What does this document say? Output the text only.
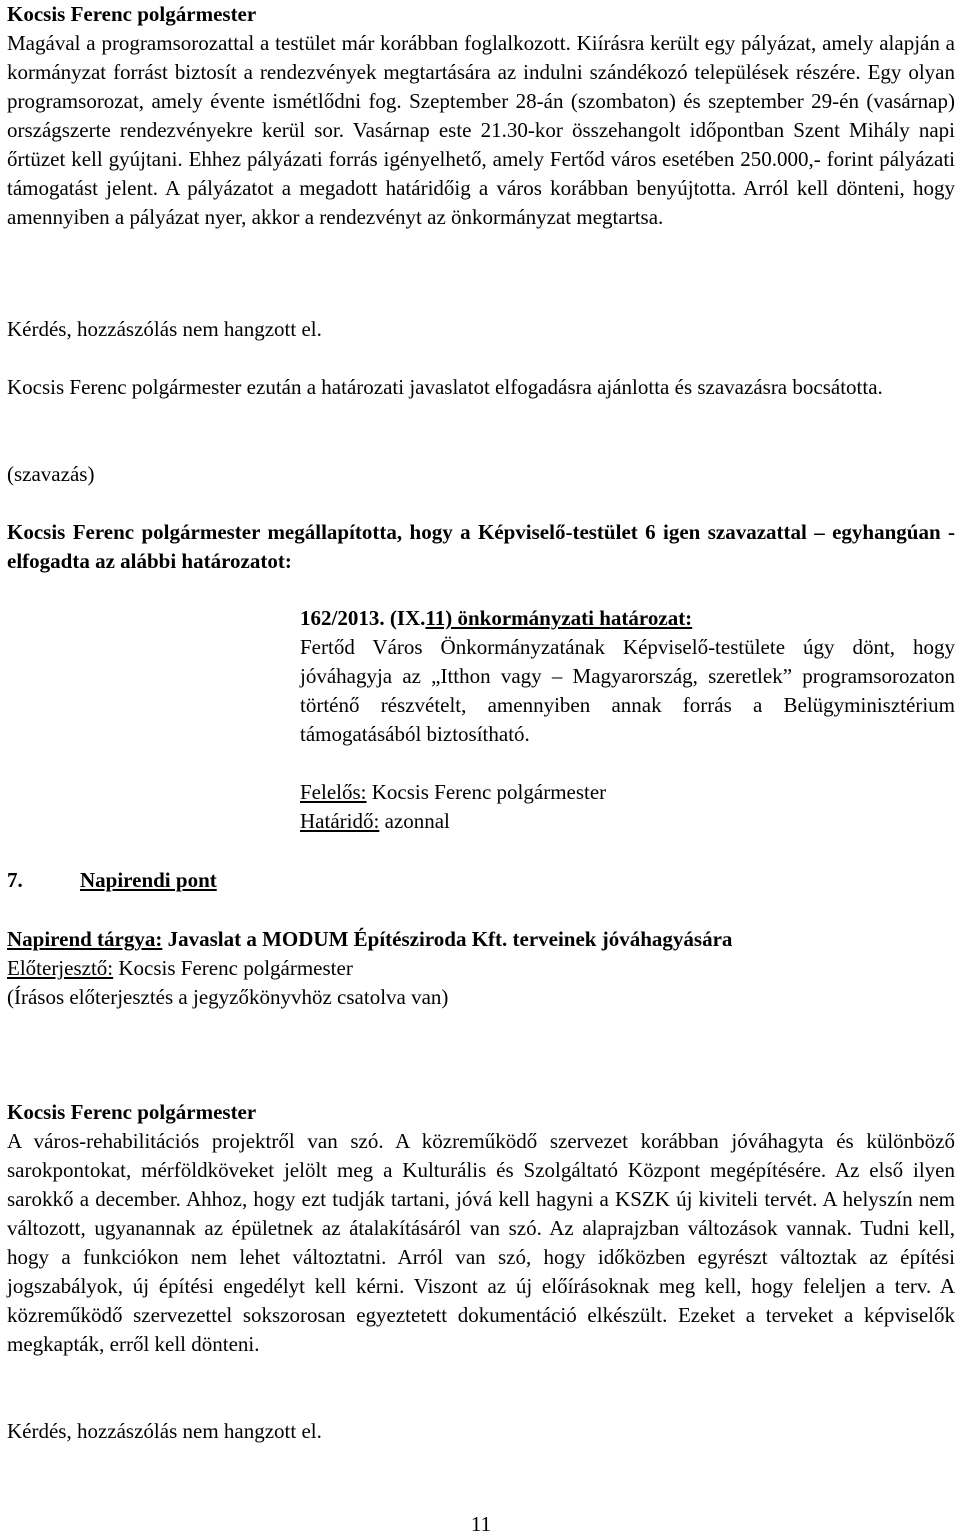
Kocsis Ferenc polgármester

Magával a programsorozattal a testület már korábban foglalkozott. Kiírásra került egy pályázat, amely alapján a kormányzat forrást biztosít a rendezvények megtartására az indulni szándékozó települések részére. Egy olyan programsorozat, amely évente ismétlődni fog. Szeptember 28-án (szombaton) és szeptember 29-én (vasárnap) országszerte rendezvényekre kerül sor. Vasárnap este 21.30-kor összehangolt időpontban Szent Mihály napi őrtüzet kell gyújtani. Ehhez pályázati forrás igényelhető, amely Fertőd város esetében 250.000,- forint pályázati támogatást jelent. A pályázatot a megadott határidőig a város korábban benyújtotta. Arról kell dönteni, hogy amennyiben a pályázat nyer, akkor a rendezvényt az önkormányzat megtartsa.

Kérdés, hozzászólás nem hangzott el.

Kocsis Ferenc polgármester ezután a határozati javaslatot elfogadásra ajánlotta és szavazásra bocsátotta.

(szavazás)

Kocsis Ferenc polgármester megállapította, hogy a Képviselő-testület 6 igen szavazattal – egyhangúan - elfogadta az alábbi határozatot:

162/2013. (IX.11) önkormányzati határozat:

Fertőd Város Önkormányzatának Képviselő-testülete úgy dönt, hogy jóváhagyja az „Itthon vagy – Magyarország, szeretlek” programsorozaton történő részvételt, amennyiben annak forrás a Belügyminisztérium támogatásából biztosítható.

Felelős: Kocsis Ferenc polgármester

Határidő: azonnal

7.	Napirendi pont

Napirend tárgya: Javaslat a MODUM Építésziroda Kft. terveinek jóváhagyására

Előterjesztő: Kocsis Ferenc polgármester

(Írásos előterjesztés a jegyzőkönyvhöz csatolva van)

Kocsis Ferenc polgármester

A város-rehabilitációs projektről van szó. A közreműködő szervezet korábban jóváhagyta és különböző sarokpontokat, mérföldköveket jelölt meg a Kulturális és Szolgáltató Központ megépítésére. Az első ilyen sarokkő a december. Ahhoz, hogy ezt tudják tartani, jóvá kell hagyni a KSZK új kiviteli tervét. A helyszín nem változott, ugyanannak az épületnek az átalakításáról van szó. Az alaprajzban változások vannak. Tudni kell, hogy a funkciókon nem lehet változtatni. Arról van szó, hogy időközben egyrészt változtak az építési jogszabályok, új építési engedélyt kell kérni. Viszont az új előírásoknak meg kell, hogy feleljen a terv. A közreműködő szervezettel sokszorosan egyeztetett dokumentáció elkészült. Ezeket a terveket a képviselők megkapták, erről kell dönteni.

Kérdés, hozzászólás nem hangzott el.

11
